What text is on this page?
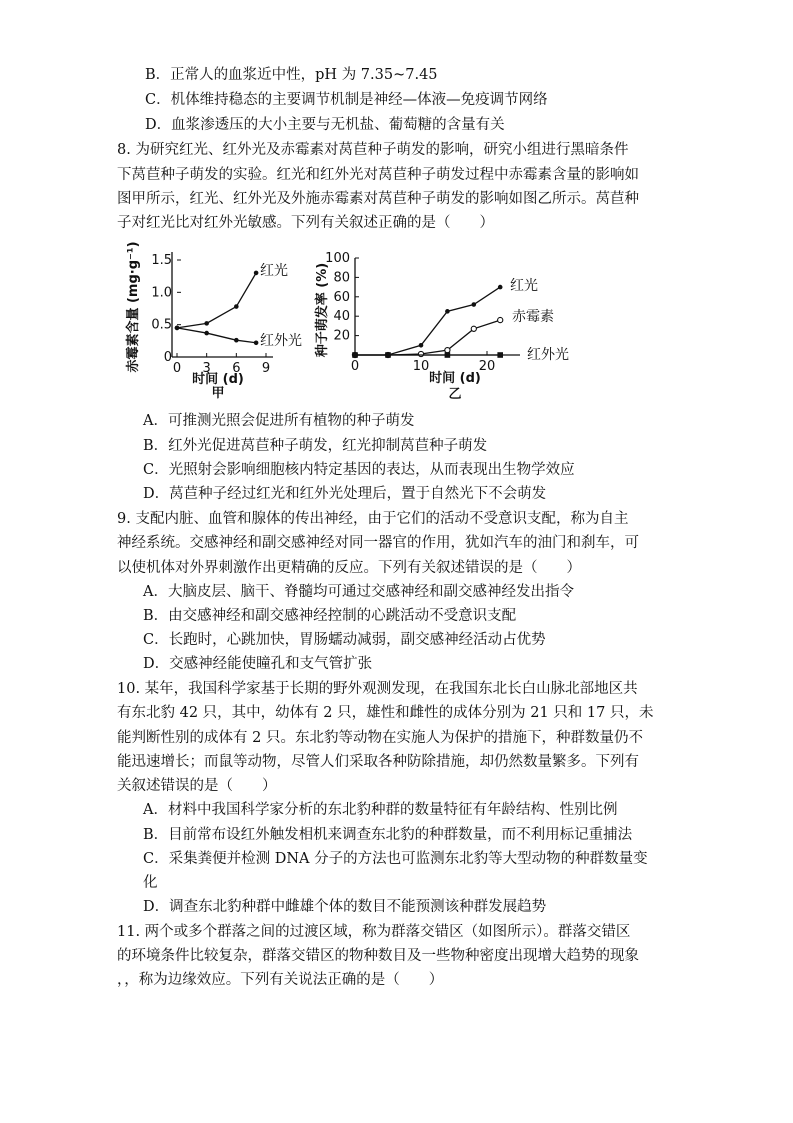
B．正常人的血浆近中性，pH 为 7.35~7.45
C．机体维持稳态的主要调节机制是神经—体液—免疫调节网络
D．血浆渗透压的大小主要与无机盐、葡萄糖的含量有关
8. 为研究红光、红外光及赤霉素对莴苣种子萌发的影响，研究小组进行黑暗条件
下莴苣种子萌发的实验。红光和红外光对莴苣种子萌发过程中赤霉素含量的影响如
图甲所示，红光、红外光及外施赤霉素对莴苣种子萌发的影响如图乙所示。莴苣种
子对红光比对红外光敏感。下列有关叙述正确的是（　　）
0 3 6 9
0
0.5
1.0
1.5
红光
红外光
赤霉素含量 (mg·g⁻¹)
时间 (d)
甲
0	10	20
20
40
60
80
100
红光
赤霉素
红外光
种子萌发率 (%)
时间 (d)
乙
A．可推测光照会促进所有植物的种子萌发
B．红外光促进莴苣种子萌发，红光抑制莴苣种子萌发
C．光照射会影响细胞核内特定基因的表达，从而表现出生物学效应
D．莴苣种子经过红光和红外光处理后，置于自然光下不会萌发
9. 支配内脏、血管和腺体的传出神经，由于它们的活动不受意识支配，称为自主
神经系统。交感神经和副交感神经对同一器官的作用，犹如汽车的油门和刹车，可
以使机体对外界刺激作出更精确的反应。下列有关叙述错误的是（　　）
A．大脑皮层、脑干、脊髓均可通过交感神经和副交感神经发出指令
B．由交感神经和副交感神经控制的心跳活动不受意识支配
C．长跑时，心跳加快，胃肠蠕动减弱，副交感神经活动占优势
D．交感神经能使瞳孔和支气管扩张
10. 某年，我国科学家基于长期的野外观测发现，在我国东北长白山脉北部地区共
有东北豹 42 只，其中，幼体有 2 只，雄性和雌性的成体分别为 21 只和 17 只，未
能判断性别的成体有 2 只。东北豹等动物在实施人为保护的措施下，种群数量仍不
能迅速增长；而鼠等动物，尽管人们采取各种防除措施，却仍然数量繁多。下列有
关叙述错误的是（　　）
A．材料中我国科学家分析的东北豹种群的数量特征有年龄结构、性别比例
B．目前常布设红外触发相机来调查东北豹的种群数量，而不利用标记重捕法
C．采集粪便并检测 DNA 分子的方法也可监测东北豹等大型动物的种群数量变
化
D．调查东北豹种群中雌雄个体的数目不能预测该种群发展趋势
11. 两个或多个群落之间的过渡区域，称为群落交错区（如图所示）。群落交错区
的环境条件比较复杂，群落交错区的物种数目及一些物种密度出现增大趋势的现象
，，称为边缘效应。下列有关说法正确的是（　　）
